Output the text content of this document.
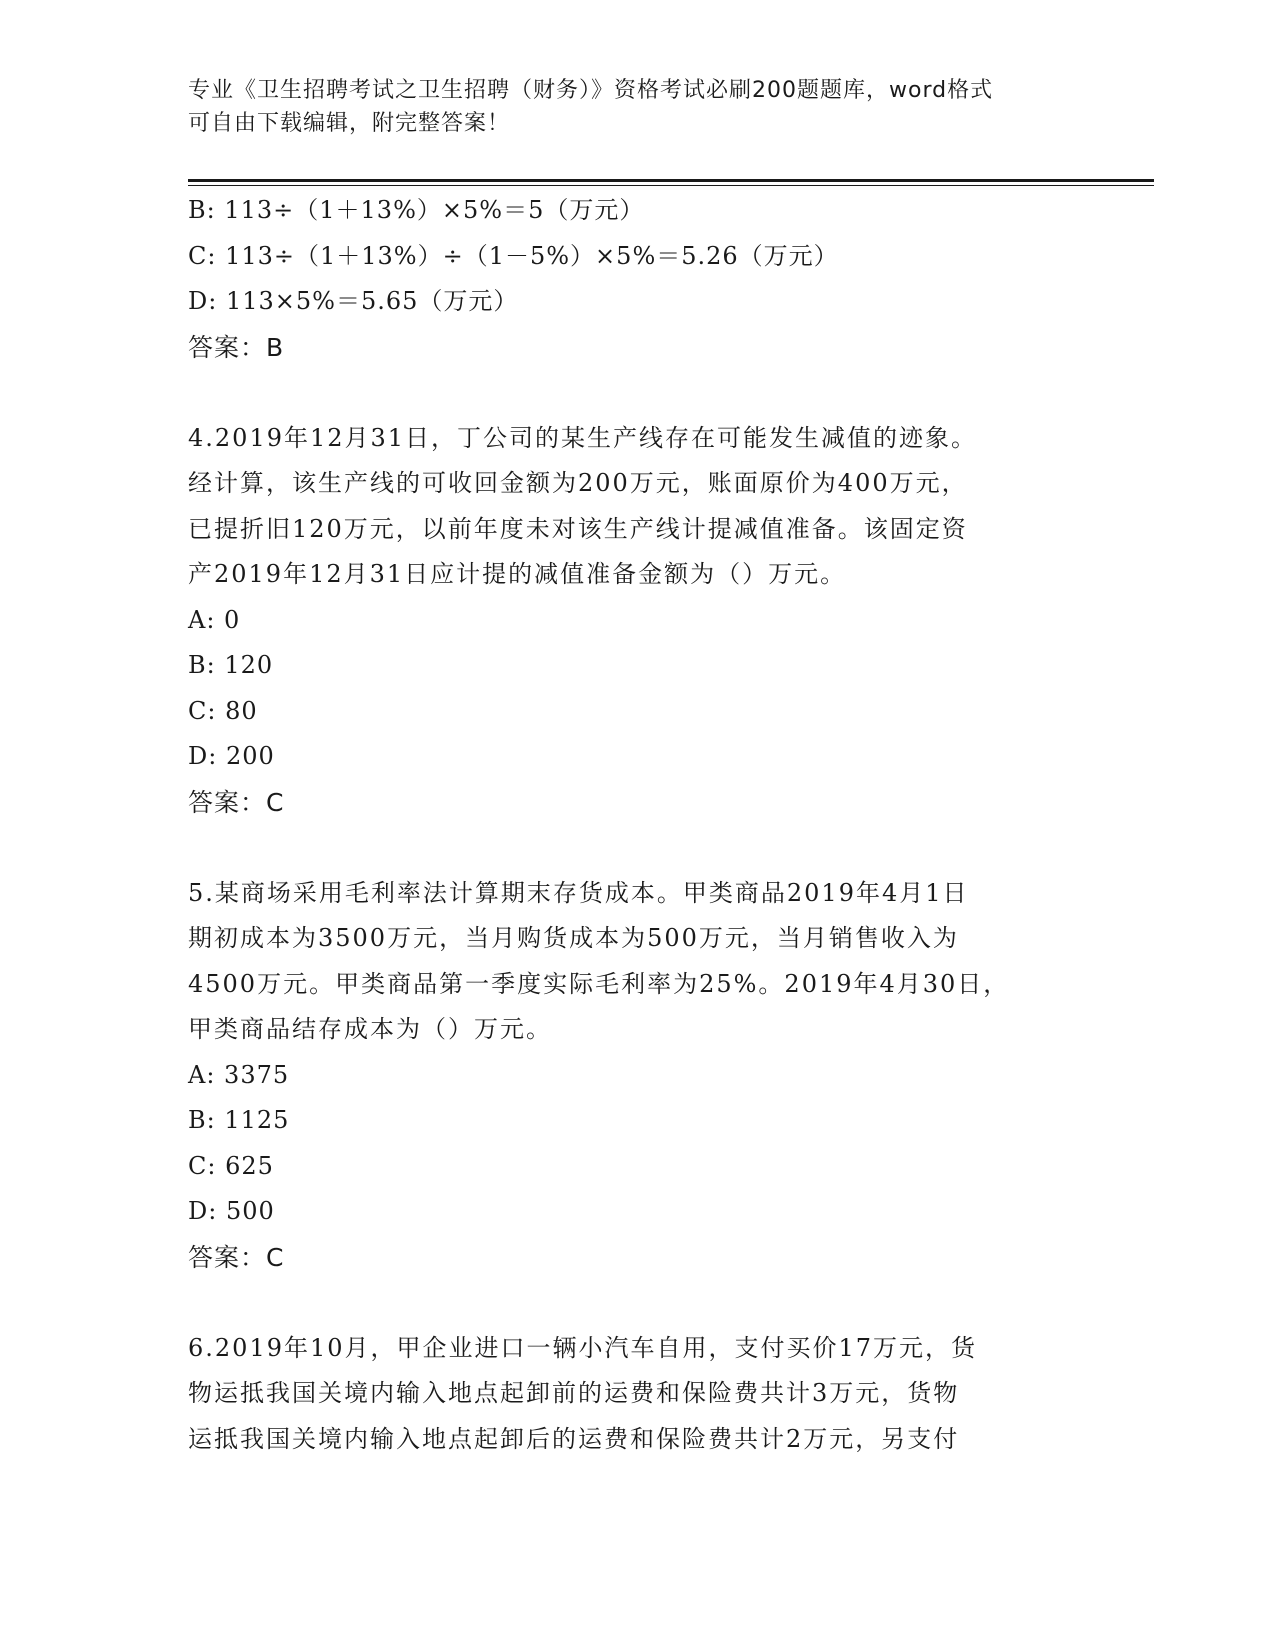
专业《卫生招聘考试之卫生招聘（财务）》资格考试必刷200题题库，word格式
可自由下载编辑，附完整答案！
B: 113÷（1＋13%）×5%＝5（万元）
C: 113÷（1＋13%）÷（1－5%）×5%＝5.26（万元）
D: 113×5%＝5.65（万元）
答案：B
4.2019年12月31日，丁公司的某生产线存在可能发生减值的迹象。
经计算，该生产线的可收回金额为200万元，账面原价为400万元，
已提折旧120万元，以前年度未对该生产线计提减值准备。该固定资
产2019年12月31日应计提的减值准备金额为（）万元。
A: 0
B: 120
C: 80
D: 200
答案：C
5.某商场采用毛利率法计算期末存货成本。甲类商品2019年4月1日
期初成本为3500万元，当月购货成本为500万元，当月销售收入为
4500万元。甲类商品第一季度实际毛利率为25%。2019年4月30日，
甲类商品结存成本为（）万元。
A: 3375
B: 1125
C: 625
D: 500
答案：C
6.2019年10月，甲企业进口一辆小汽车自用，支付买价17万元，货
物运抵我国关境内输入地点起卸前的运费和保险费共计3万元，货物
运抵我国关境内输入地点起卸后的运费和保险费共计2万元，另支付
